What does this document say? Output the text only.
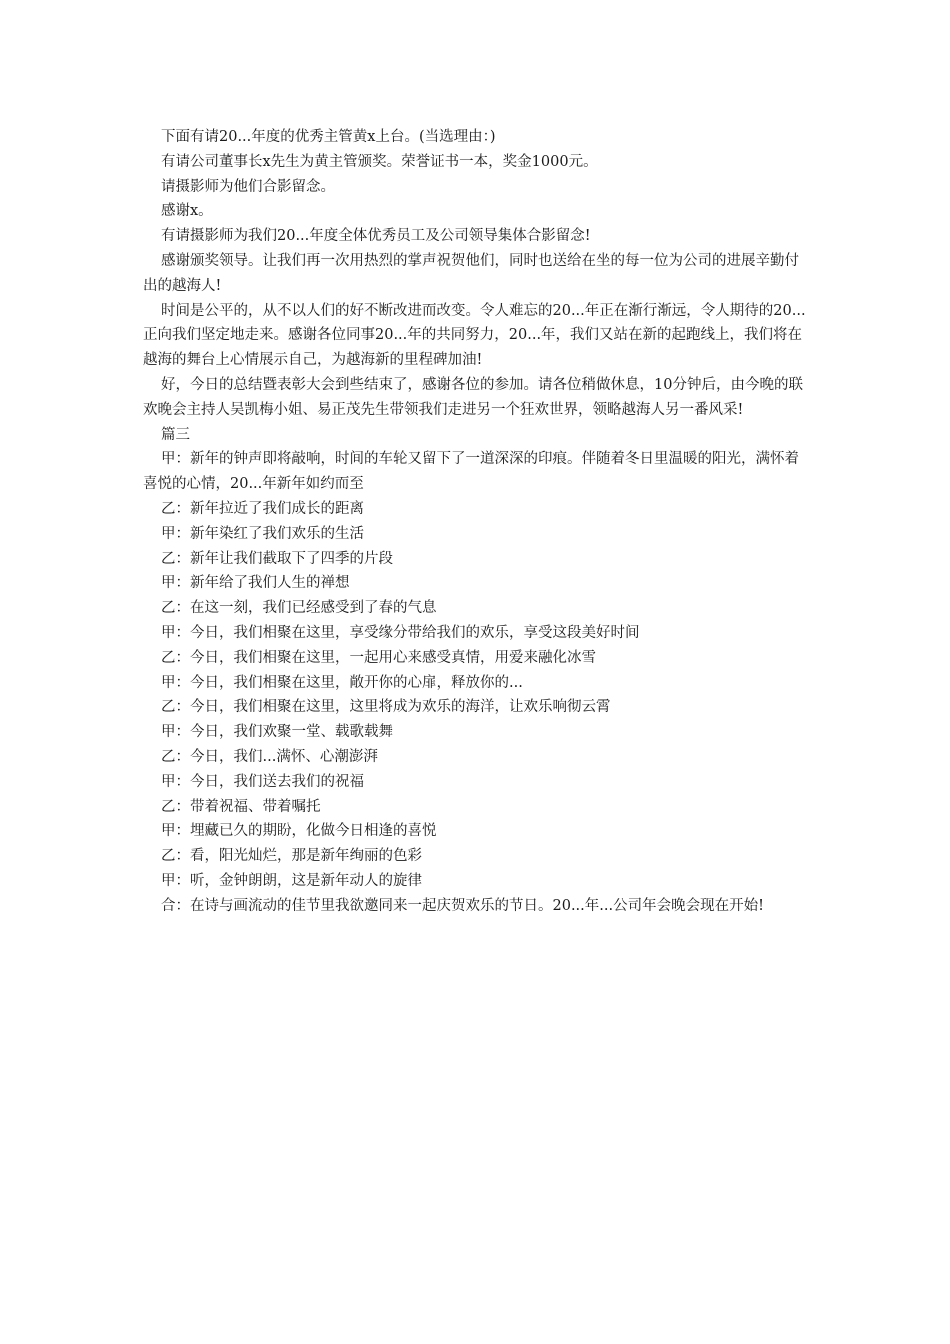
下面有请20...年度的优秀主管黄x上台。(当选理由：)

有请公司董事长x先生为黄主管颁奖。荣誉证书一本，奖金1000元。

请摄影师为他们合影留念。

感谢x。

有请摄影师为我们20...年度全体优秀员工及公司领导集体合影留念!

感谢颁奖领导。让我们再一次用热烈的掌声祝贺他们，同时也送给在坐的每一位为公司的进展辛勤付出的越海人!

时间是公平的，从不以人们的好不断改进而改变。令人难忘的20...年正在渐行渐远，令人期待的20...正向我们坚定地走来。感谢各位同事20...年的共同努力，20...年，我们又站在新的起跑线上，我们将在越海的舞台上心情展示自己，为越海新的里程碑加油!

好，今日的总结暨表彰大会到些结束了，感谢各位的参加。请各位稍做休息，10分钟后，由今晚的联欢晚会主持人吴凯梅小姐、易正茂先生带领我们走进另一个狂欢世界，领略越海人另一番风采!

篇三

甲：新年的钟声即将敲响，时间的车轮又留下了一道深深的印痕。伴随着冬日里温暖的阳光，满怀着喜悦的心情，20...年新年如约而至

乙：新年拉近了我们成长的距离

甲：新年染红了我们欢乐的生活

乙：新年让我们截取下了四季的片段

甲：新年给了我们人生的禅想

乙：在这一刻，我们已经感受到了春的气息

甲：今日，我们相聚在这里，享受缘分带给我们的欢乐，享受这段美好时间

乙：今日，我们相聚在这里，一起用心来感受真情，用爱来融化冰雪

甲：今日，我们相聚在这里，敞开你的心扉，释放你的...

乙：今日，我们相聚在这里，这里将成为欢乐的海洋，让欢乐响彻云霄

甲：今日，我们欢聚一堂、载歌载舞

乙：今日，我们...满怀、心潮澎湃

甲：今日，我们送去我们的祝福

乙：带着祝福、带着嘱托

甲：埋藏已久的期盼，化做今日相逢的喜悦

乙：看，阳光灿烂，那是新年绚丽的色彩

甲：听，金钟朗朗，这是新年动人的旋律

合：在诗与画流动的佳节里我欲邀同来一起庆贺欢乐的节日。20...年...公司年会晚会现在开始!
